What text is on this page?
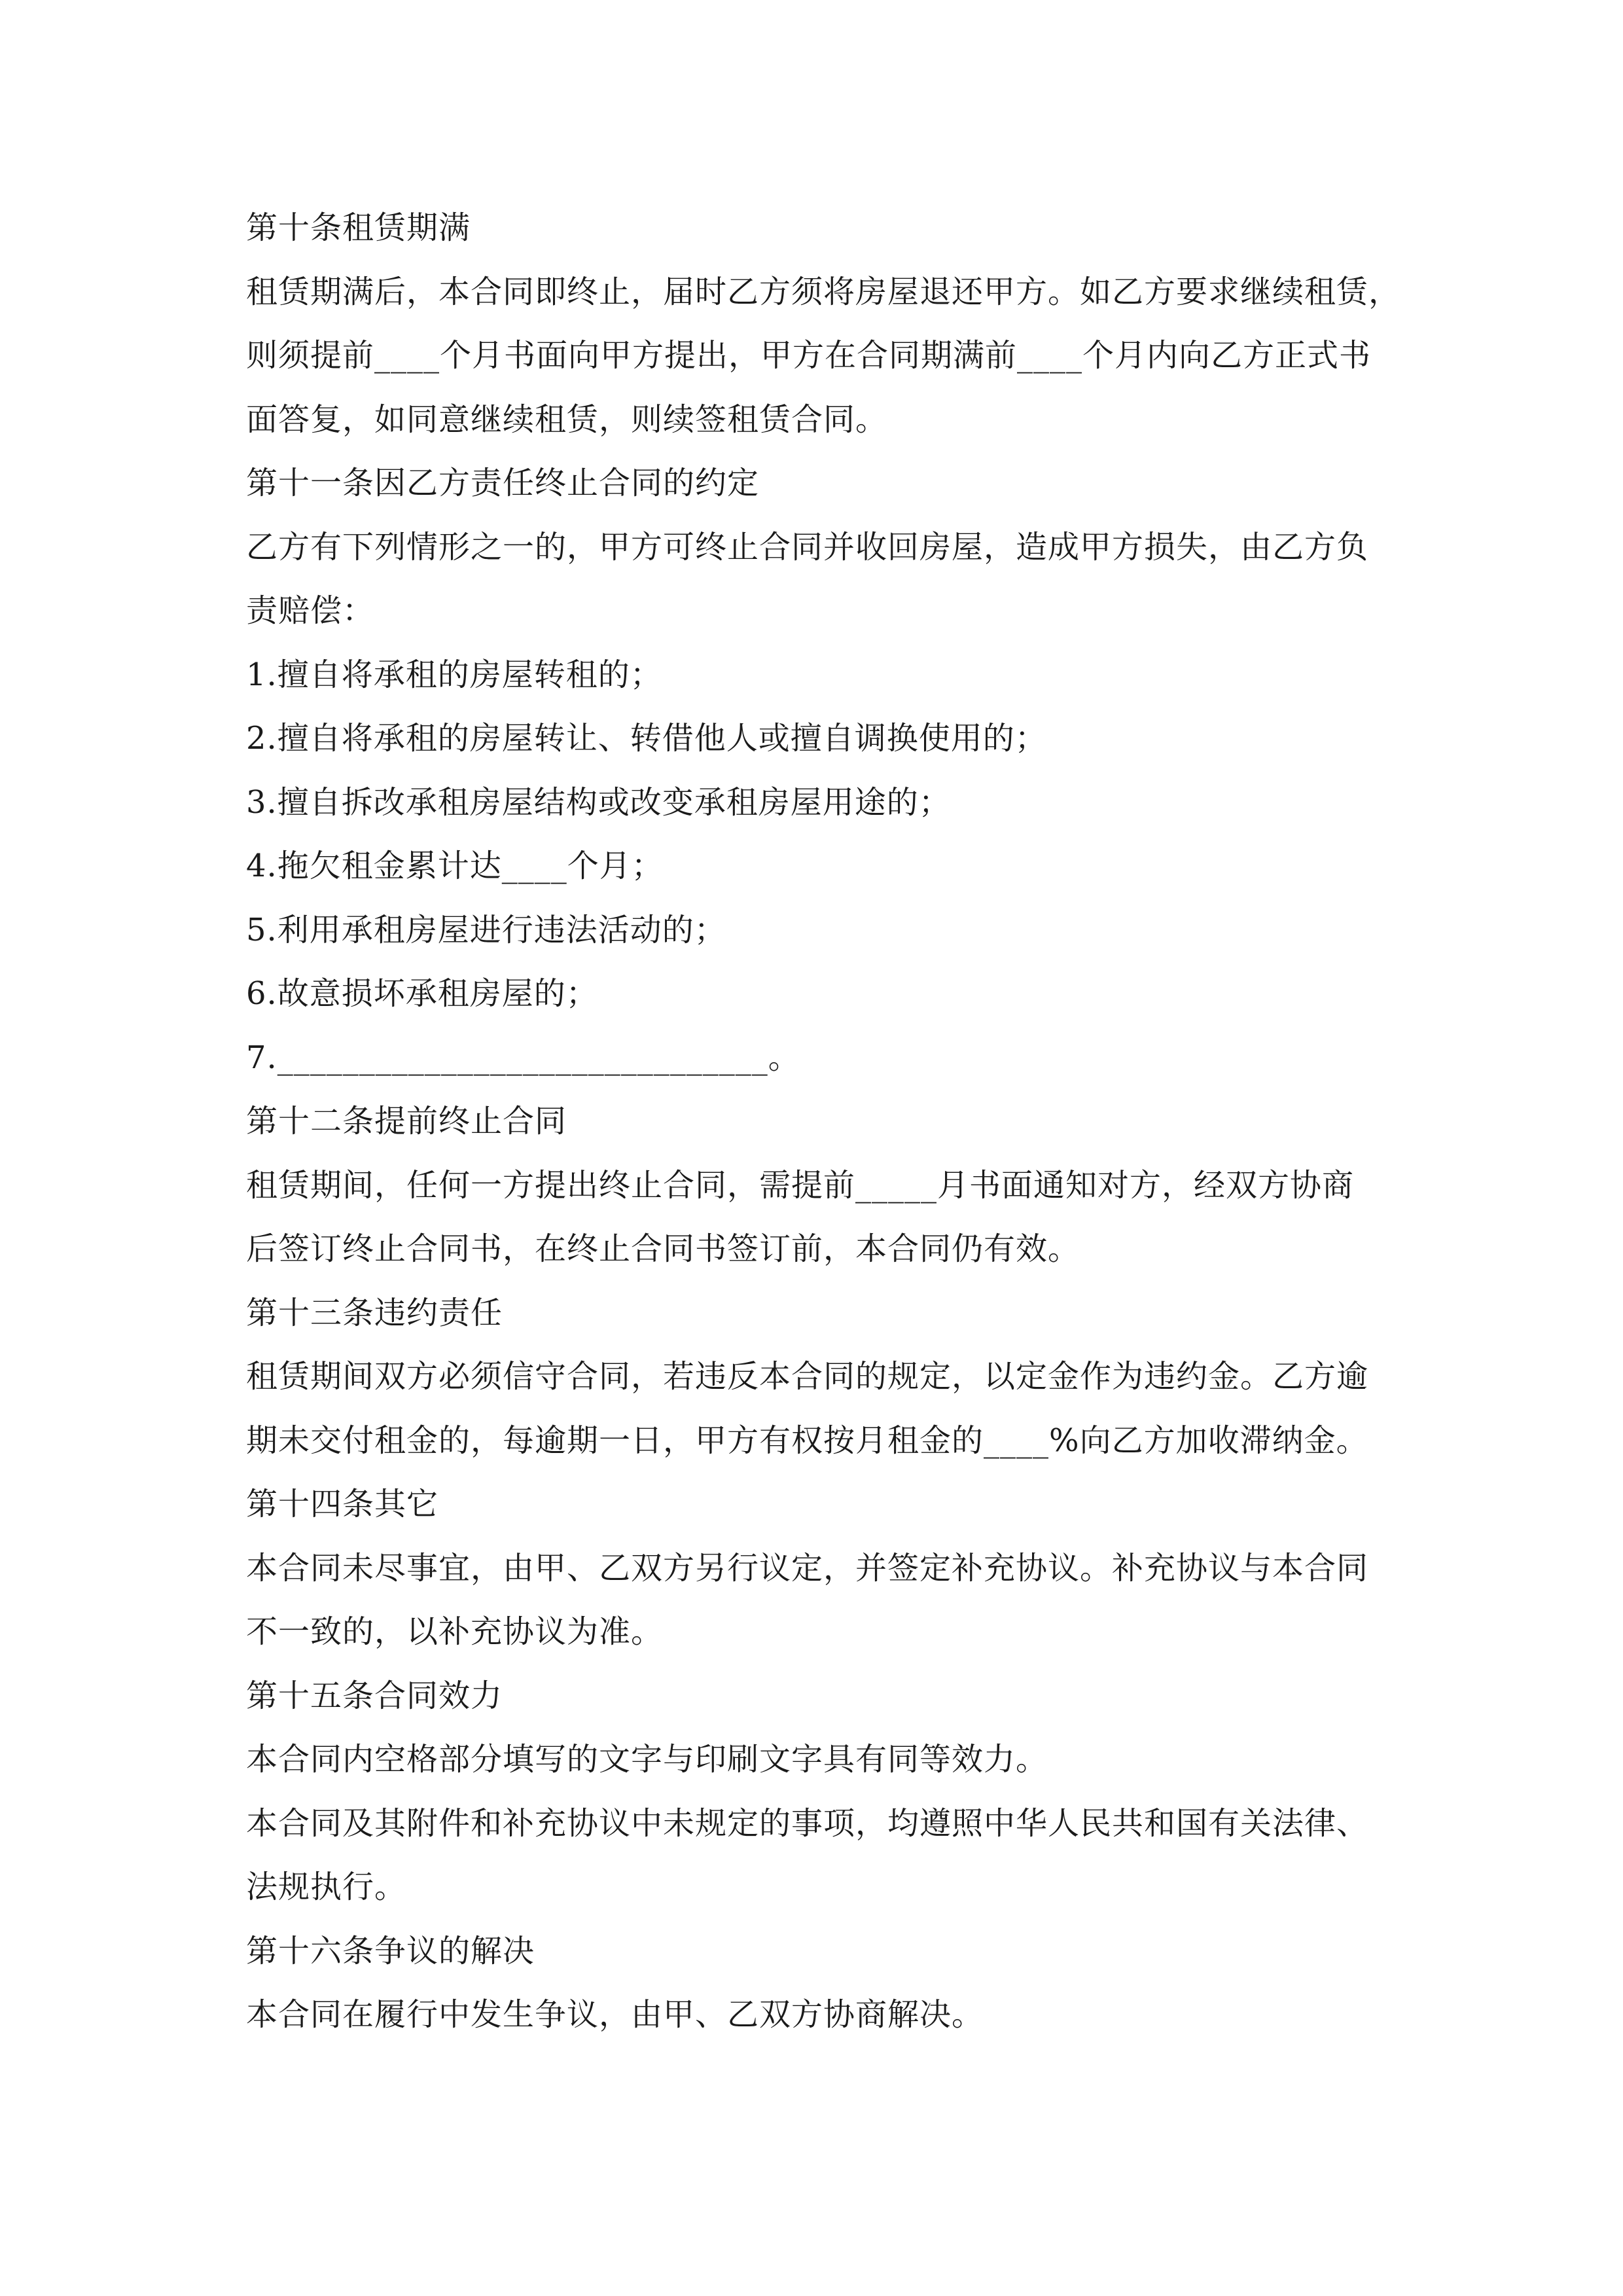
第十条租赁期满
租赁期满后，本合同即终止，届时乙方须将房屋退还甲方。如乙方要求继续租赁，
则须提前____个月书面向甲方提出，甲方在合同期满前____个月内向乙方正式书
面答复，如同意继续租赁，则续签租赁合同。
第十一条因乙方责任终止合同的约定
乙方有下列情形之一的，甲方可终止合同并收回房屋，造成甲方损失，由乙方负
责赔偿：
1.擅自将承租的房屋转租的；
2.擅自将承租的房屋转让、转借他人或擅自调换使用的；
3.擅自拆改承租房屋结构或改变承租房屋用途的；
4.拖欠租金累计达____个月；
5.利用承租房屋进行违法活动的；
6.故意损坏承租房屋的；
7.______________________________。
第十二条提前终止合同
租赁期间，任何一方提出终止合同，需提前_____月书面通知对方，经双方协商
后签订终止合同书，在终止合同书签订前，本合同仍有效。
第十三条违约责任
租赁期间双方必须信守合同，若违反本合同的规定，以定金作为违约金。乙方逾
期未交付租金的，每逾期一日，甲方有权按月租金的____%向乙方加收滞纳金。
第十四条其它
本合同未尽事宜，由甲、乙双方另行议定，并签定补充协议。补充协议与本合同
不一致的，以补充协议为准。
第十五条合同效力
本合同内空格部分填写的文字与印刷文字具有同等效力。
本合同及其附件和补充协议中未规定的事项，均遵照中华人民共和国有关法律、
法规执行。
第十六条争议的解决
本合同在履行中发生争议，由甲、乙双方协商解决。
